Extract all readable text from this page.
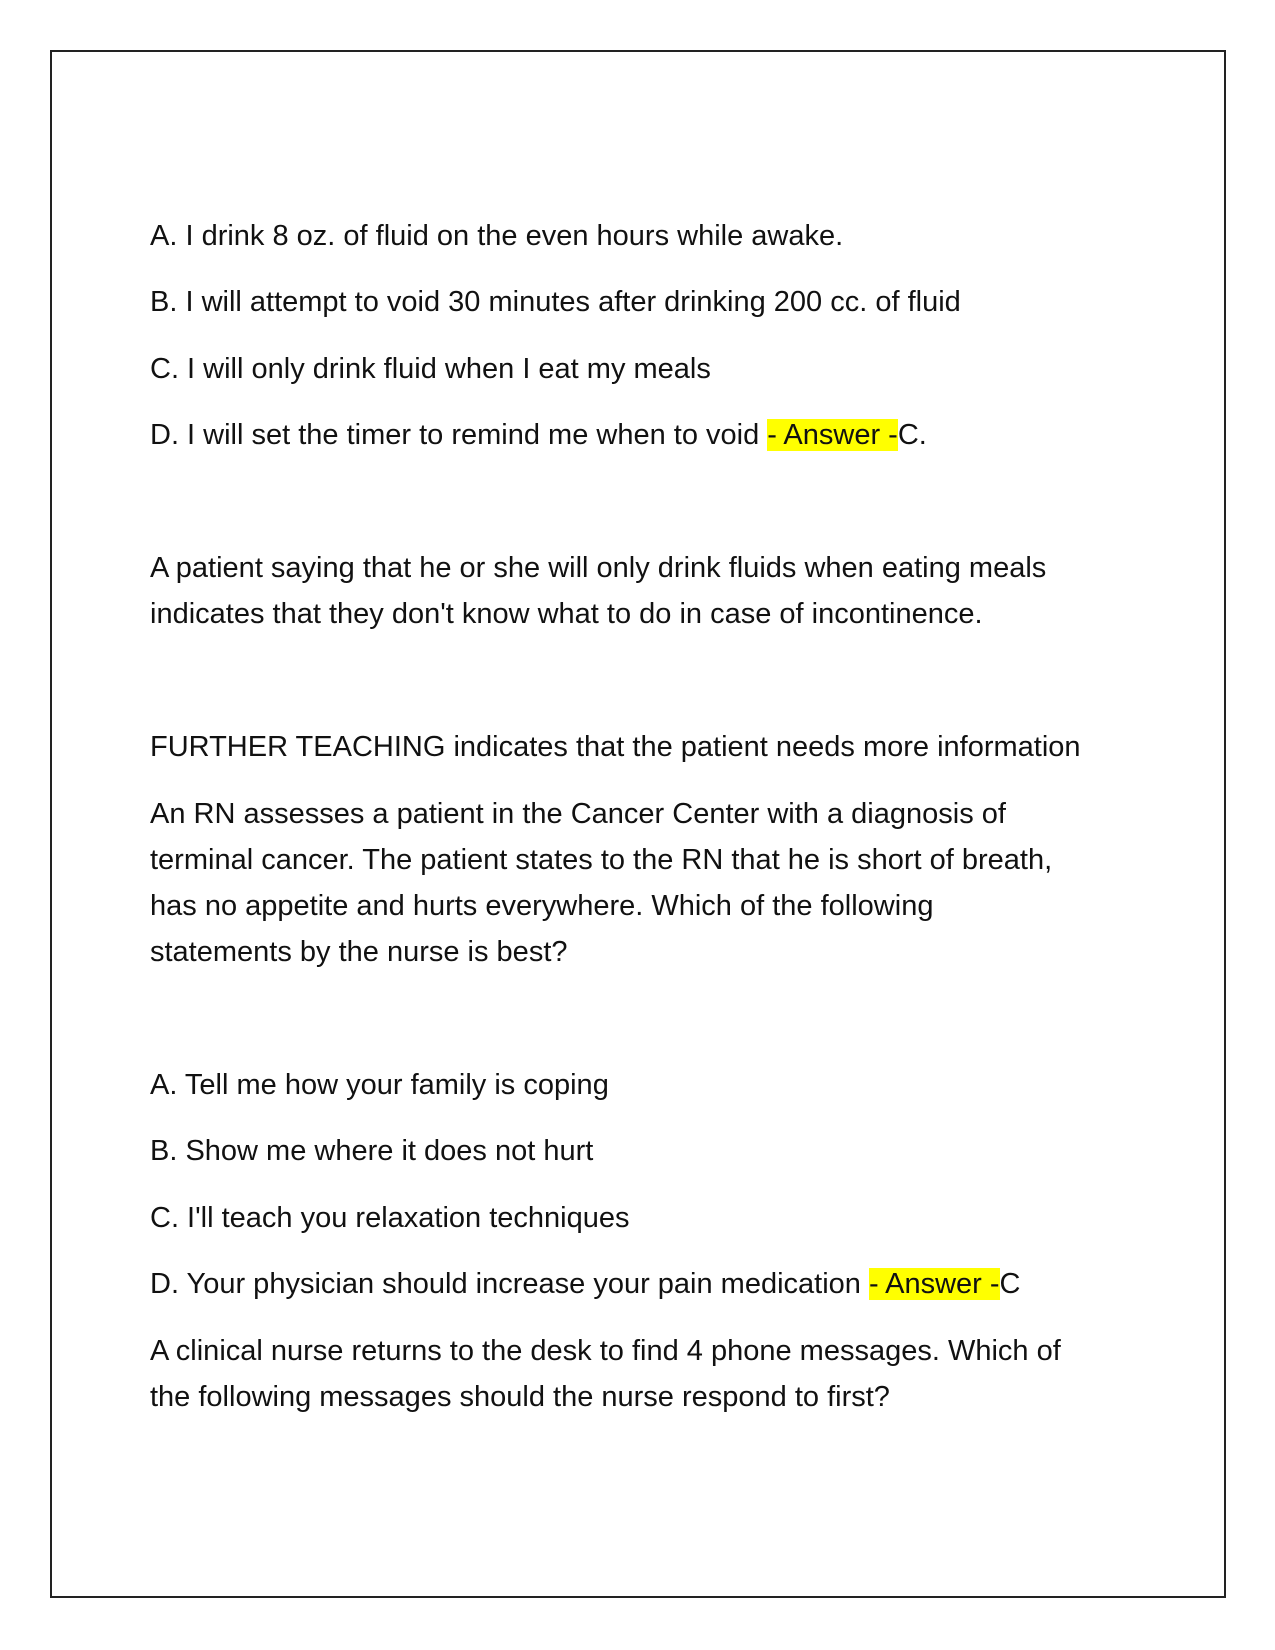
A. I drink 8 oz. of fluid on the even hours while awake.

B. I will attempt to void 30 minutes after drinking 200 cc. of fluid

C. I will only drink fluid when I eat my meals

D. I will set the timer to remind me when to void - Answer -C.

A patient saying that he or she will only drink fluids when eating meals

indicates that they don't know what to do in case of incontinence.

FURTHER TEACHING indicates that the patient needs more information

An RN assesses a patient in the Cancer Center with a diagnosis of

terminal cancer. The patient states to the RN that he is short of breath,

has no appetite and hurts everywhere. Which of the following

statements by the nurse is best?

A. Tell me how your family is coping

B. Show me where it does not hurt

C. I'll teach you relaxation techniques

D. Your physician should increase your pain medication - Answer -C

A clinical nurse returns to the desk to find 4 phone messages. Which of

the following messages should the nurse respond to first?
